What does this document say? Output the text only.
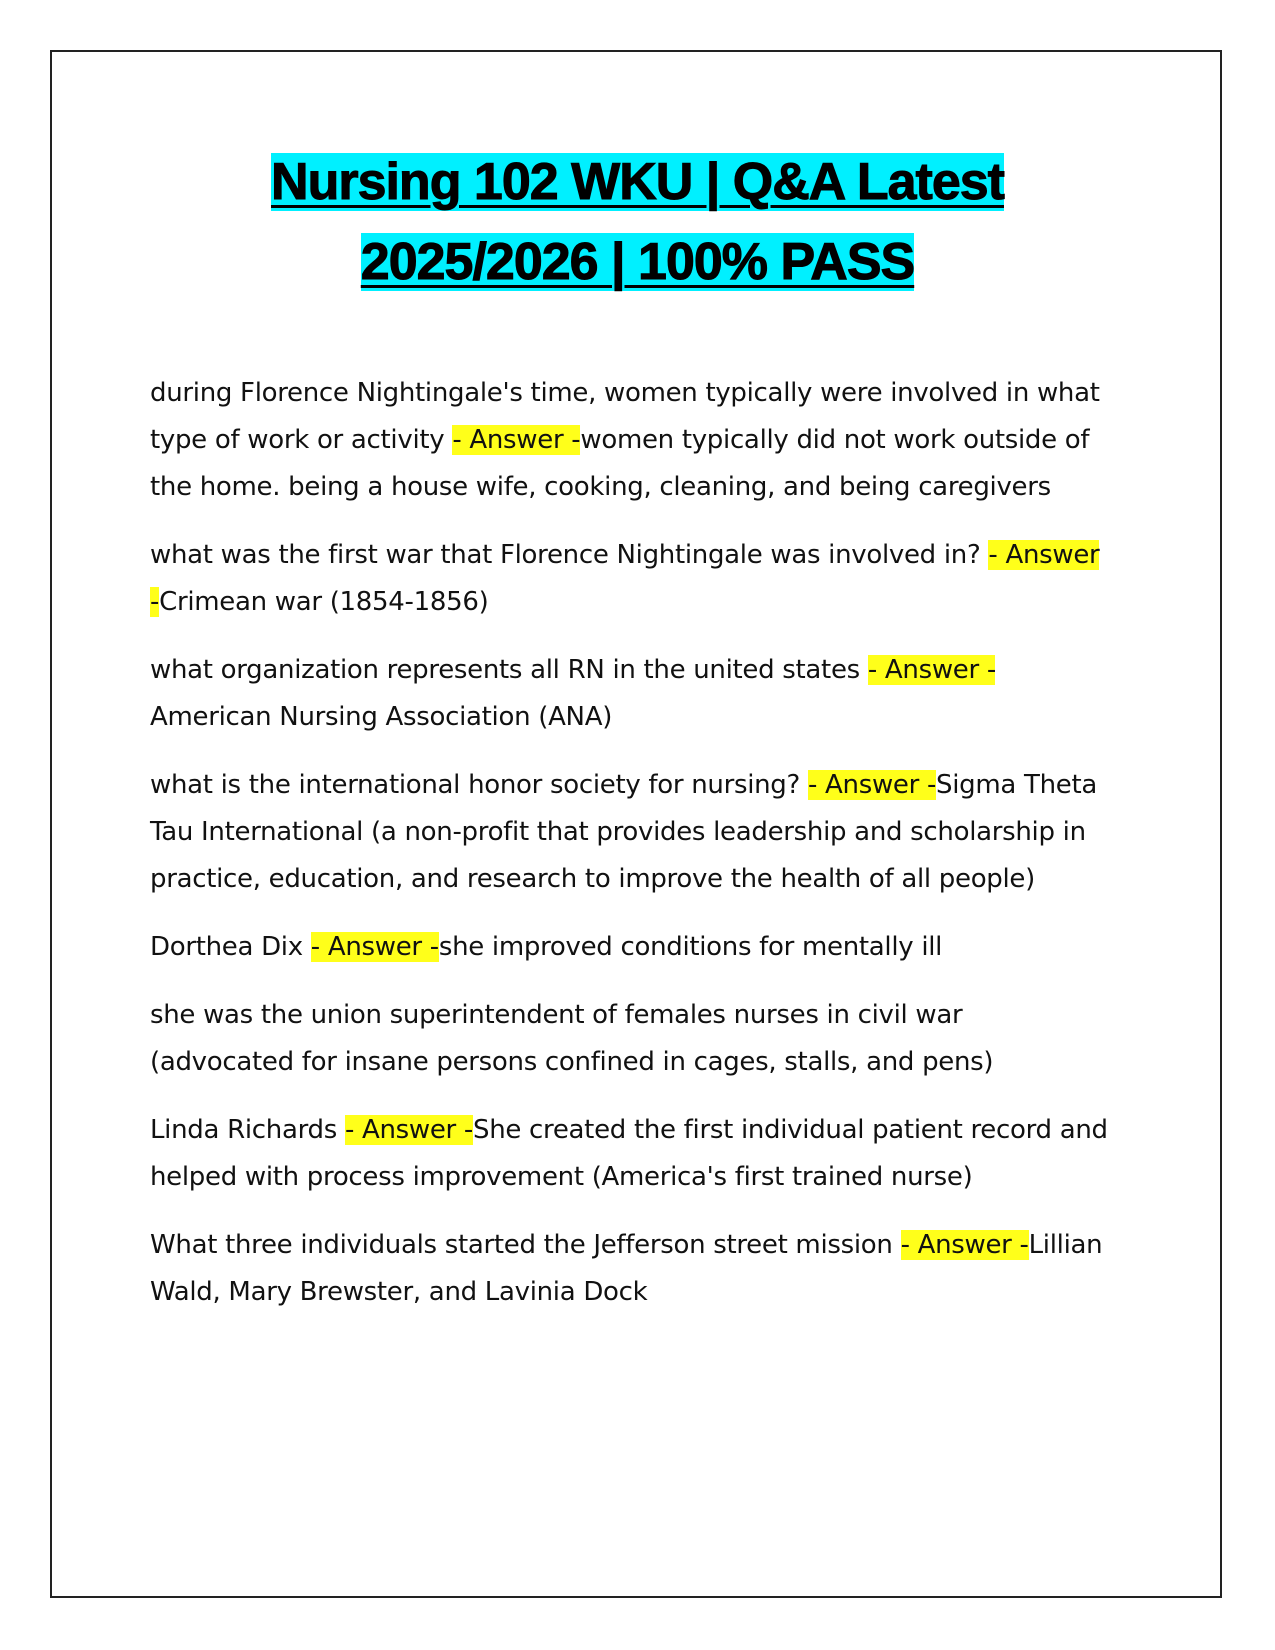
Nursing 102 WKU | Q&A Latest
2025/2026 | 100% PASS

during Florence Nightingale's time, women typically were involved in what type of work or activity - Answer -women typically did not work outside of the home. being a house wife, cooking, cleaning, and being caregivers

what was the first war that Florence Nightingale was involved in? - Answer -Crimean war (1854-1856)

what organization represents all RN in the united states - Answer -American Nursing Association (ANA)

what is the international honor society for nursing? - Answer -Sigma Theta Tau International (a non-profit that provides leadership and scholarship in practice, education, and research to improve the health of all people)

Dorthea Dix - Answer -she improved conditions for mentally ill

she was the union superintendent of females nurses in civil war (advocated for insane persons confined in cages, stalls, and pens)

Linda Richards - Answer -She created the first individual patient record and helped with process improvement (America's first trained nurse)

What three individuals started the Jefferson street mission - Answer -Lillian Wald, Mary Brewster, and Lavinia Dock
